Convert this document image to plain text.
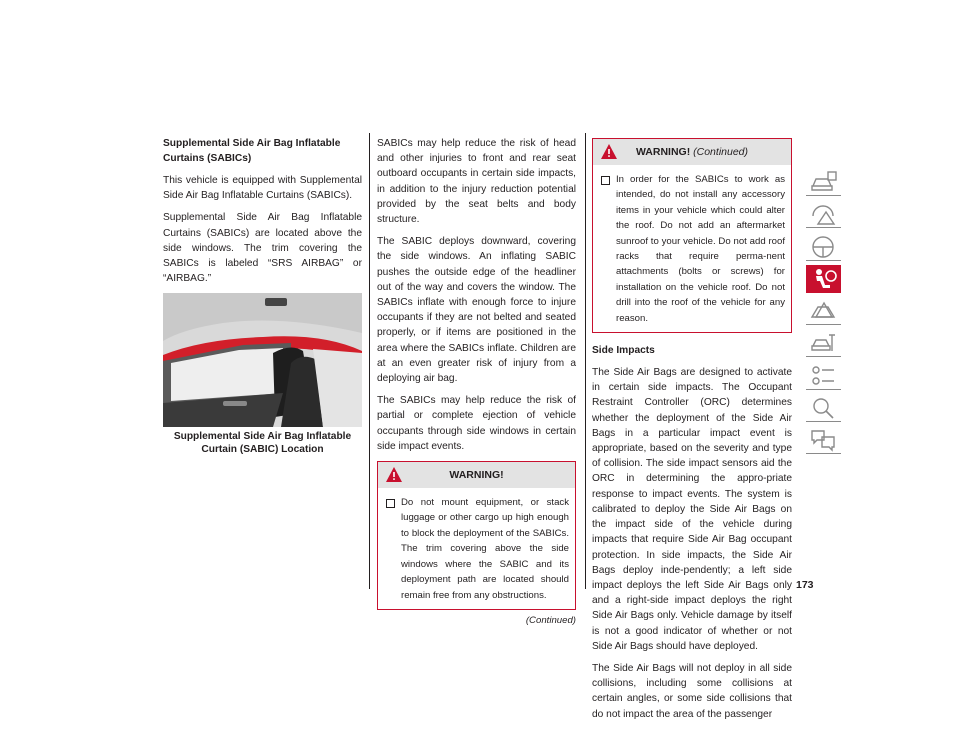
Supplemental Side Air Bag Inflatable Curtains (SABICs)

This vehicle is equipped with Supplemental Side Air Bag Inflatable Curtains (SABICs).

Supplemental Side Air Bag Inflatable Curtains (SABICs) are located above the side windows. The trim covering the SABICs is labeled “SRS AIRBAG” or “AIRBAG.”

Supplemental Side Air Bag Inflatable Curtain (SABIC) Location

SABICs may help reduce the risk of head and other injuries to front and rear seat outboard occupants in certain side impacts, in addition to the injury reduction potential provided by the seat belts and body structure.

The SABIC deploys downward, covering the side windows. An inflating SABIC pushes the outside edge of the headliner out of the way and covers the window. The SABICs inflate with enough force to injure occupants if they are not belted and seated properly, or if items are positioned in the area where the SABICs inflate. Children are at an even greater risk of injury from a deploying air bag.

The SABICs may help reduce the risk of partial or complete ejection of vehicle occupants through side windows in certain side impact events.

WARNING!
Do not mount equipment, or stack luggage or other cargo up high enough to block the deployment of the SABICs. The trim covering above the side windows where the SABIC and its deployment path are located should remain free from any obstructions.
(Continued)
WARNING! (Continued)
In order for the SABICs to work as intended, do not install any accessory items in your vehicle which could alter the roof. Do not add an aftermarket sunroof to your vehicle. Do not add roof racks that require perma-nent attachments (bolts or screws) for installation on the vehicle roof. Do not drill into the roof of the vehicle for any reason.
Side Impacts

The Side Air Bags are designed to activate in certain side impacts. The Occupant Restraint Controller (ORC) determines whether the deployment of the Side Air Bags in a particular impact event is appropriate, based on the severity and type of collision. The side impact sensors aid the ORC in determining the appro-priate response to impact events. The system is calibrated to deploy the Side Air Bags on the impact side of the vehicle during impacts that require Side Air Bag occupant protection. In side impacts, the Side Air Bags deploy inde-pendently; a left side impact deploys the left Side Air Bags only and a right-side impact deploys the right Side Air Bags only. Vehicle damage by itself is not a good indicator of whether or not Side Air Bags should have deployed.

The Side Air Bags will not deploy in all side collisions, including some collisions at certain angles, or some side collisions that do not impact the area of the passenger

173
